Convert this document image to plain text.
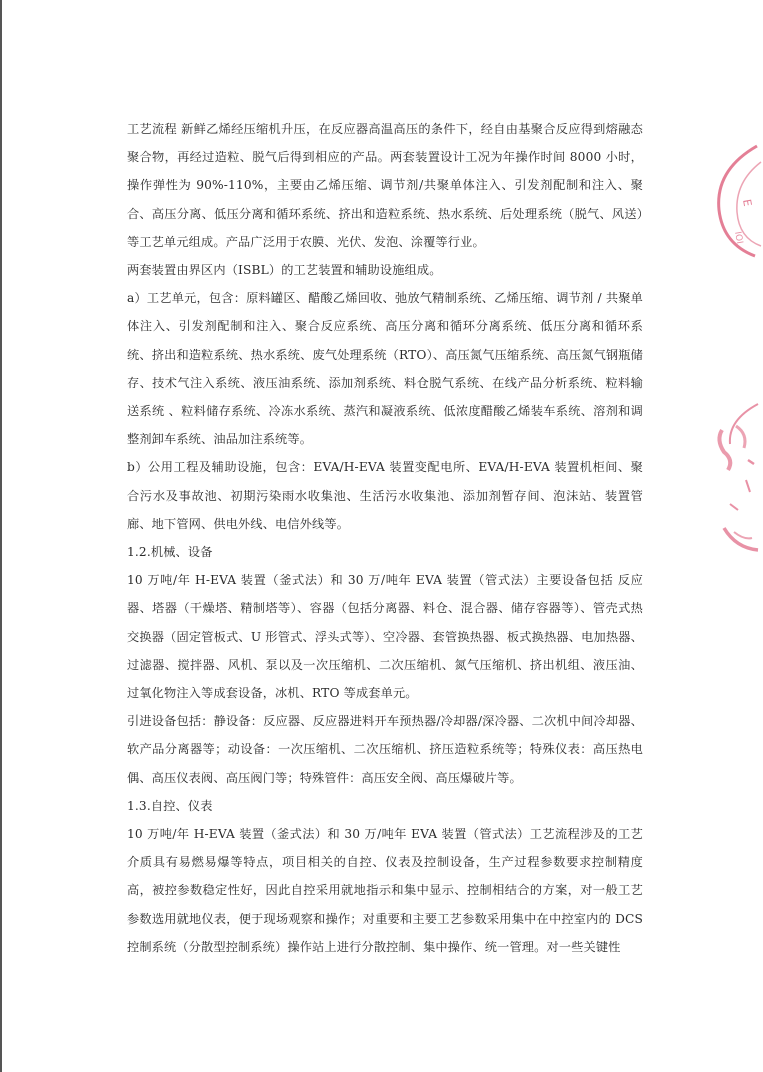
工艺流程 新鲜乙烯经压缩机升压，在反应器高温高压的条件下，经自由基聚合反应得到熔融态聚合物，再经过造粒、脱气后得到相应的产品。两套装置设计工况为年操作时间 8000 小时，操作弹性为 90%-110%，主要由乙烯压缩、调节剂/共聚单体注入、引发剂配制和注入、聚合、高压分离、低压分离和循环系统、挤出和造粒系统、热水系统、后处理系统（脱气、风送）等工艺单元组成。产品广泛用于农膜、光伏、发泡、涂覆等行业。

两套装置由界区内（ISBL）的工艺装置和辅助设施组成。

a）工艺单元，包含：原料罐区、醋酸乙烯回收、弛放气精制系统、乙烯压缩、调节剂 / 共聚单体注入、引发剂配制和注入、聚合反应系统、高压分离和循环分离系统、低压分离和循环系统、挤出和造粒系统、热水系统、废气处理系统（RTO）、高压氮气压缩系统、高压氮气钢瓶储存、技术气注入系统、液压油系统、添加剂系统、料仓脱气系统、在线产品分析系统、粒料输送系统 、粒料储存系统、冷冻水系统、蒸汽和凝液系统、低浓度醋酸乙烯装车系统、溶剂和调整剂卸车系统、油品加注系统等。

b）公用工程及辅助设施，包含：EVA/H-EVA 装置变配电所、EVA/H-EVA 装置机柜间、聚合污水及事故池、初期污染雨水收集池、生活污水收集池、添加剂暂存间、泡沫站、装置管廊、地下管网、供电外线、电信外线等。

1.2.机械、设备

10 万吨/年 H-EVA 装置（釜式法）和 30 万/吨年 EVA 装置（管式法）主要设备包括 反应器、塔器（干燥塔、精制塔等）、容器（包括分离器、料仓、混合器、储存容器等）、管壳式热交换器（固定管板式、U 形管式、浮头式等）、空冷器、套管换热器、板式换热器、电加热器、过滤器、搅拌器、风机、泵以及一次压缩机、二次压缩机、氮气压缩机、挤出机组、液压油、过氧化物注入等成套设备，冰机、RTO 等成套单元。

引进设备包括：静设备：反应器、反应器进料开车预热器/冷却器/深冷器、二次机中间冷却器、软产品分离器等；动设备：一次压缩机、二次压缩机、挤压造粒系统等；特殊仪表：高压热电偶、高压仪表阀、高压阀门等；特殊管件：高压安全阀、高压爆破片等。

1.3.自控、仪表

10 万吨/年 H-EVA 装置（釜式法）和 30 万/吨年 EVA 装置（管式法）工艺流程涉及的工艺介质具有易燃易爆等特点，项目相关的自控、仪表及控制设备，生产过程参数要求控制精度高，被控参数稳定性好，因此自控采用就地指示和集中显示、控制相结合的方案，对一般工艺参数选用就地仪表，便于现场观察和操作；对重要和主要工艺参数采用集中在中控室内的 DCS 控制系统（分散型控制系统）操作站上进行分散控制、集中操作、统一管理。对一些关键性

E
IOI
